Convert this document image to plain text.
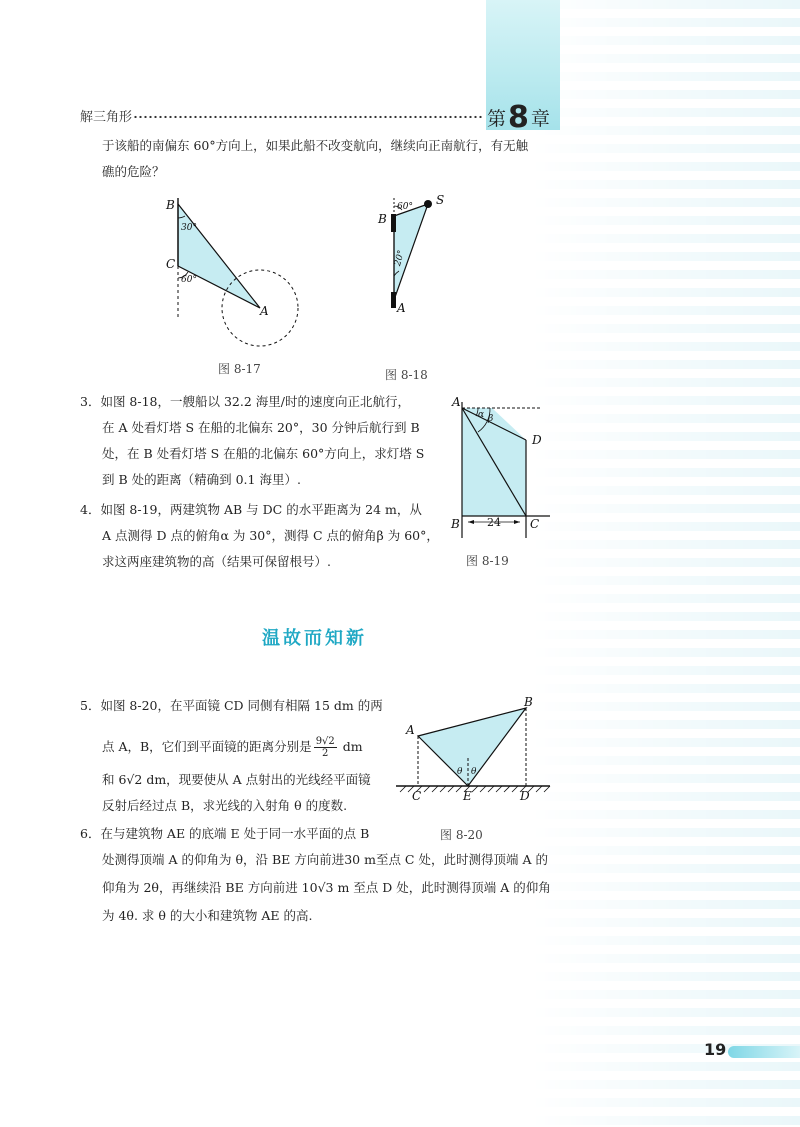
解三角形	第8 章
于该船的南偏东 60°方向上，如果此船不改变航向，继续向正南航行，有无触
礁的危险？
B
30°
C
60°
A
图 8-17
60°
20°
B
S
A
图 8-18
3．如图 8-18，一艘船以 32.2 海里/时的速度向正北航行，
在 A 处看灯塔 S 在船的北偏东 20°，30 分钟后航行到 B
处，在 B 处看灯塔 S 在船的北偏东 60°方向上，求灯塔 S
到 B 处的距离（精确到 0.1 海里）.
4．如图 8-19，两建筑物 AB 与 DC 的水平距离为 24 m，从
A 点测得 D 点的俯角α 为 30°，测得 C 点的俯角β 为 60°，
求这两座建筑物的高（结果可保留根号）.
A
D
B	C
α β
24
图 8-19
温故而知新
5．如图 8-20，在平面镜 CD 同侧有相隔 15 dm 的两
点 A，B，它们到平面镜的距离分别是 $\frac{9√2}{2}$ dm
和 6√2 dm，现要使从 A 点射出的光线经平面镜
反射后经过点 B，求光线的入射角 θ 的度数.
A
B
C	E	D
θ θ
图 8-20
6．在与建筑物 AE 的底端 E 处于同一水平面的点 B
处测得顶端 A 的仰角为 θ，沿 BE 方向前进30 m至点 C 处，此时测得顶端 A 的
仰角为 2θ，再继续沿 BE 方向前进 10√3 m 至点 D 处，此时测得顶端 A 的仰角
为 4θ. 求 θ 的大小和建筑物 AE 的高.
19
